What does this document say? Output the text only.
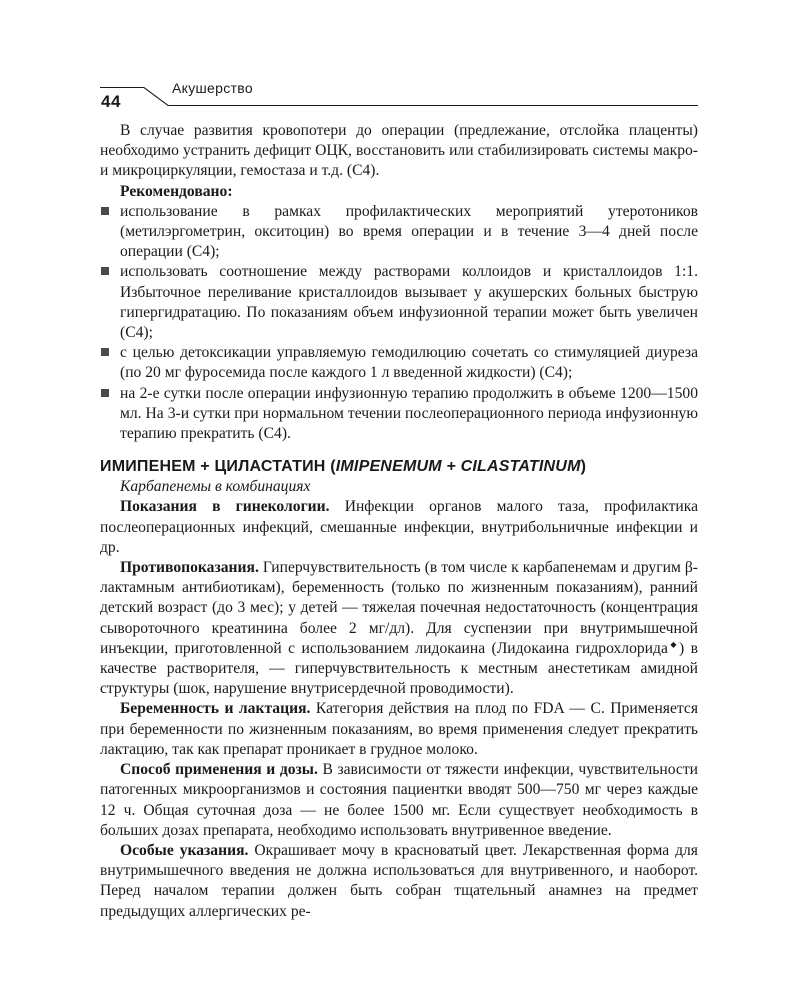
44
Акушерство

В случае развития кровопотери до операции (предлежание, отслойка плаценты) необходимо устранить дефицит ОЦК, восстановить или стабилизировать системы макро- и микроциркуляции, гемостаза и т.д. (С4).

Рекомендовано:

использование в рамках профилактических мероприятий утеротоников (метилэргометрин, окситоцин) во время операции и в течение 3—4 дней после операции (С4);
использовать соотношение между растворами коллоидов и кристаллоидов 1:1. Избыточное переливание кристаллоидов вызывает у акушерских больных быструю гипергидратацию. По показаниям объем инфузионной терапии может быть увеличен (С4);
с целью детоксикации управляемую гемодилюцию сочетать со стимуляцией диуреза (по 20 мг фуросемида после каждого 1 л введенной жидкости) (С4);
на 2-е сутки после операции инфузионную терапию продолжить в объеме 1200—1500 мл. На 3-и сутки при нормальном течении послеоперационного периода инфузионную терапию прекратить (С4).
ИМИПЕНЕМ + ЦИЛАСТАТИН (IMIPENEMUM + CILASTATINUM)

Карбапенемы в комбинациях

Показания в гинекологии. Инфекции органов малого таза, профилактика послеоперационных инфекций, смешанные инфекции, внутрибольничные инфекции и др.

Противопоказания. Гиперчувствительность (в том числе к карбапенемам и другим β-лактамным антибиотикам), беременность (только по жизненным показаниям), ранний детский возраст (до 3 мес); у детей — тяжелая почечная недостаточность (концентрация сывороточного креатинина более 2 мг/дл). Для суспензии при внутримышечной инъекции, приготовленной с использованием лидокаина (Лидокаина гидрохлорида◆) в качестве растворителя, — гиперчувствительность к местным анестетикам амидной структуры (шок, нарушение внутрисердечной проводимости).

Беременность и лактация. Категория действия на плод по FDA — С. Применяется при беременности по жизненным показаниям, во время применения следует прекратить лактацию, так как препарат проникает в грудное молоко.

Способ применения и дозы. В зависимости от тяжести инфекции, чувствительности патогенных микроорганизмов и состояния пациентки вводят 500—750 мг через каждые 12 ч. Общая суточная доза — не более 1500 мг. Если существует необходимость в больших дозах препарата, необходимо использовать внутривенное введение.

Особые указания. Окрашивает мочу в красноватый цвет. Лекарственная форма для внутримышечного введения не должна использоваться для внутривенного, и наоборот. Перед началом терапии должен быть собран тщательный анамнез на предмет предыдущих аллергических ре-
